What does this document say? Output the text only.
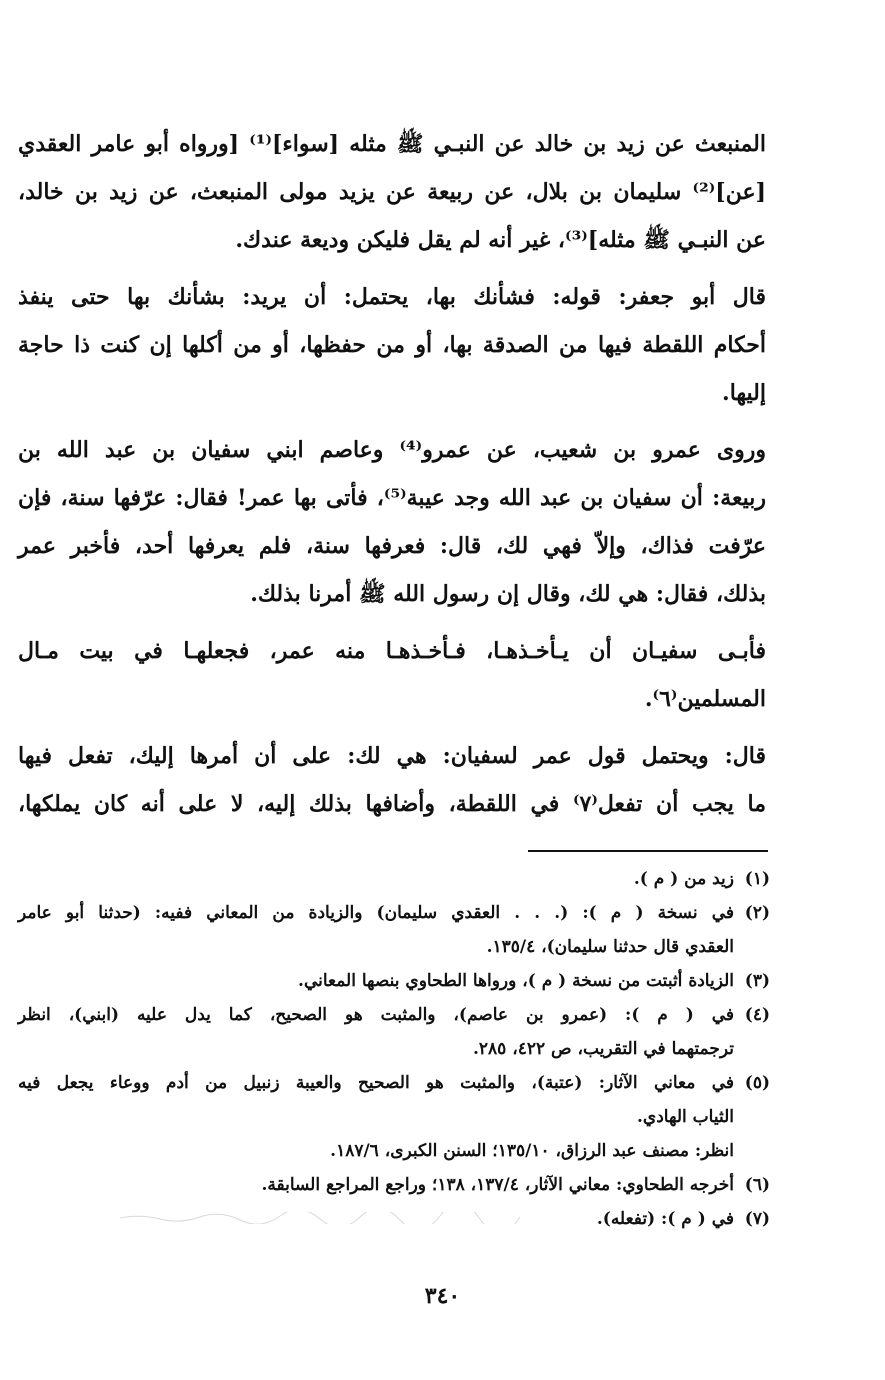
المنبعث عن زيد بن خالد عن النبـي ﷺ مثله [سواء]⁽¹⁾ [ورواه أبو عامر العقدي
[عن]⁽²⁾ سليمان بن بلال، عن ربيعة عن يزيد مولى المنبعث، عن زيد بن خالد،
عن النبـي ﷺ مثله]⁽³⁾، غير أنه لم يقل فليكن وديعة عندك.
قال أبو جعفر: قوله: فشأنك بها، يحتمل: أن يريد: بشأنك بها حتى ينفذ
أحكام اللقطة فيها من الصدقة بها، أو من حفظها، أو من أكلها إن كنت ذا حاجة
إليها.
وروى عمرو بن شعيب، عن عمرو⁽⁴⁾ وعاصم ابني سفيان بن عبد الله بن
ربيعة: أن سفيان بن عبد الله وجد عيبة⁽⁵⁾، فأتى بها عمر! فقال: عرّفها سنة، فإن
عرّفت فذاك، وإلاّ فهي لك، قال: فعرفها سنة، فلم يعرفها أحد، فأخبر عمر
بذلك، فقال: هي لك، وقال إن رسول الله ﷺ أمرنا بذلك.
فأبـى سفيـان أن يـأخـذهـا، فـأخـذهـا منه عمر، فجعلهـا في بيت مـال
المسلمين⁽٦⁾.
قال: ويحتمل قول عمر لسفيان: هي لك: على أن أمرها إليك، تفعل فيها
ما يجب أن تفعل⁽٧⁾ في اللقطة، وأضافها بذلك إليه، لا على أنه كان يملكها،
(١)
زيد من ( م ).
(٢)
في نسخة ( م ): (. . . العقدي سليمان) والزيادة من المعاني ففيه: (حدثنا أبو عامر
العقدي قال حدثنا سليمان)، ١٣٥/٤.
(٣)
الزيادة أثبتت من نسخة ( م )، ورواها الطحاوي بنصها المعاني.
(٤)
في ( م ): (عمرو بن عاصم)، والمثبت هو الصحيح، كما يدل عليه (ابني)، انظر
ترجمتهما في التقريب، ص ٤٢٢، ٢٨٥.
(٥)
في معاني الآثار: (عتبة)، والمثبت هو الصحيح والعيبة زنبيل من أدم ووعاء يجعل فيه
الثياب الهادي.
انظر: مصنف عبد الرزاق، ١٣٥/١٠؛ السنن الكبرى، ١٨٧/٦.
(٦)
أخرجه الطحاوي: معاني الآثار، ١٣٧/٤، ١٣٨؛ وراجع المراجع السابقة.
(٧)
في ( م ): (تفعله).
٣٤٠
